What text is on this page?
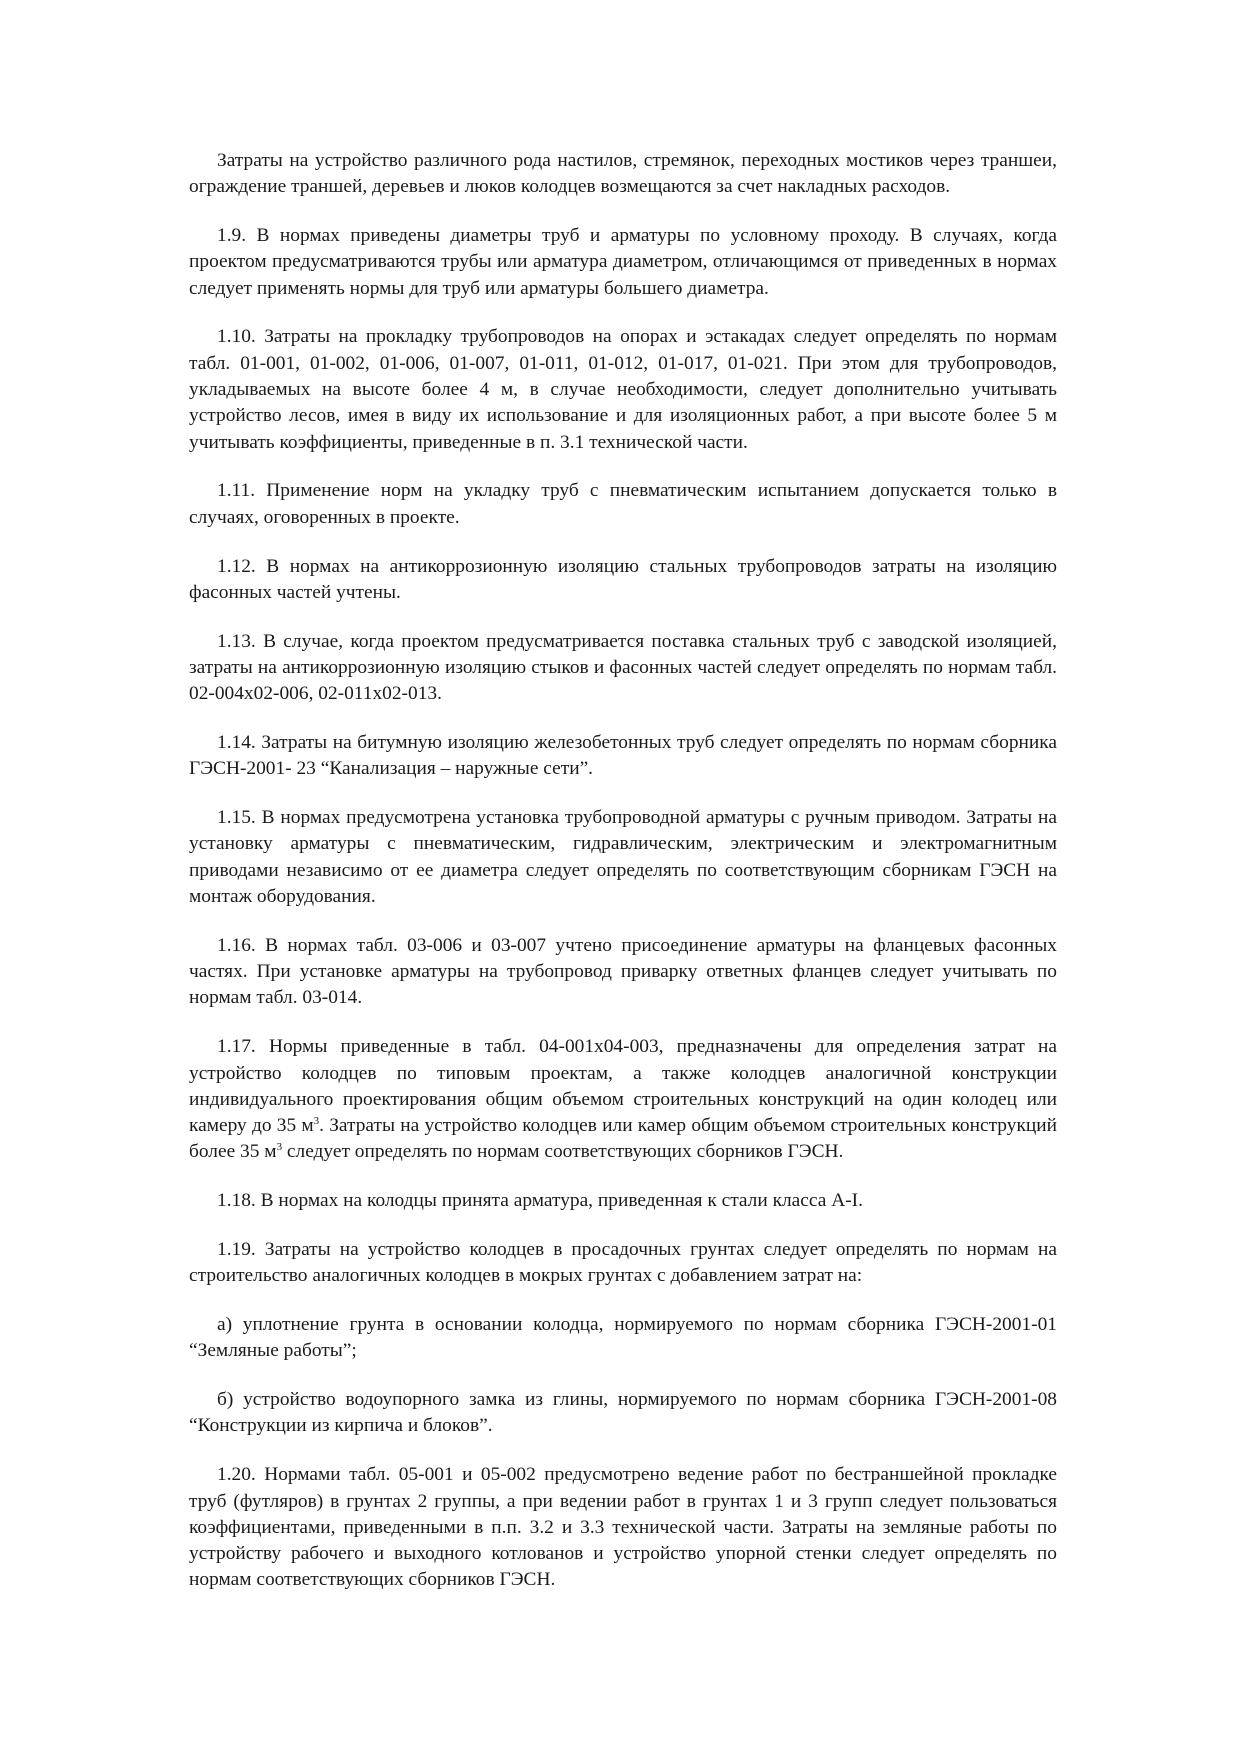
Затраты на устройство различного рода настилов, стремянок, переходных мостиков через траншеи, ограждение траншей, деревьев и люков колодцев возмещаются за счет накладных расходов.

1.9. В нормах приведены диаметры труб и арматуры по условному проходу. В случаях, когда проектом предусматриваются трубы или арматура диаметром, отличающимся от приведенных в нормах следует применять нормы для труб или арматуры большего диаметра.

1.10. Затраты на прокладку трубопроводов на опорах и эстакадах следует определять по нормам табл. 01-001, 01-002, 01-006, 01-007, 01-011, 01-012, 01-017, 01-021. При этом для трубопроводов, укладываемых на высоте более 4 м, в случае необходимости, следует дополнительно учитывать устройство лесов, имея в виду их использование и для изоляционных работ, а при высоте более 5 м учитывать коэффициенты, приведенные в п. 3.1 технической части.

1.11. Применение норм на укладку труб с пневматическим испытанием допускается только в случаях, оговоренных в проекте.

1.12. В нормах на антикоррозионную изоляцию стальных трубопроводов затраты на изоляцию фасонных частей учтены.

1.13. В случае, когда проектом предусматривается поставка стальных труб с заводской изоляцией, затраты на антикоррозионную изоляцию стыков и фасонных частей следует определять по нормам табл. 02-004х02-006, 02-011х02-013.

1.14. Затраты на битумную изоляцию железобетонных труб следует определять по нормам сборника ГЭСН-2001- 23 “Канализация – наружные сети”.

1.15. В нормах предусмотрена установка трубопроводной арматуры с ручным приводом. Затраты на установку арматуры с пневматическим, гидравлическим, электрическим и электромагнитным приводами независимо от ее диаметра следует определять по соответствующим сборникам ГЭСН на монтаж оборудования.

1.16. В нормах табл. 03-006 и 03-007 учтено присоединение арматуры на фланцевых фасонных частях. При установке арматуры на трубопровод приварку ответных фланцев следует учитывать по нормам табл. 03-014.

1.17. Нормы приведенные в табл. 04-001х04-003, предназначены для определения затрат на устройство колодцев по типовым проектам, а также колодцев аналогичной конструкции индивидуального проектирования общим объемом строительных конструкций на один колодец или камеру до 35 $м^3$. Затраты на устройство колодцев или камер общим объемом строительных конструкций более 35 $м^3$ следует определять по нормам соответствующих сборников ГЭСН.

1.18. В нормах на колодцы принята арматура, приведенная к стали класса А-I.

1.19. Затраты на устройство колодцев в просадочных грунтах следует определять по нормам на строительство аналогичных колодцев в мокрых грунтах с добавлением затрат на:

а) уплотнение грунта в основании колодца, нормируемого по нормам сборника ГЭСН-2001-01 “Земляные работы”;

б) устройство водоупорного замка из глины, нормируемого по нормам сборника ГЭСН-2001-08 “Конструкции из кирпича и блоков”.

1.20. Нормами табл. 05-001 и 05-002 предусмотрено ведение работ по бестраншейной прокладке труб (футляров) в грунтах 2 группы, а при ведении работ в грунтах 1 и 3 групп следует пользоваться коэффициентами, приведенными в п.п. 3.2 и 3.3 технической части. Затраты на земляные работы по устройству рабочего и выходного котлованов и устройство упорной стенки следует определять по нормам соответствующих сборников ГЭСН.
